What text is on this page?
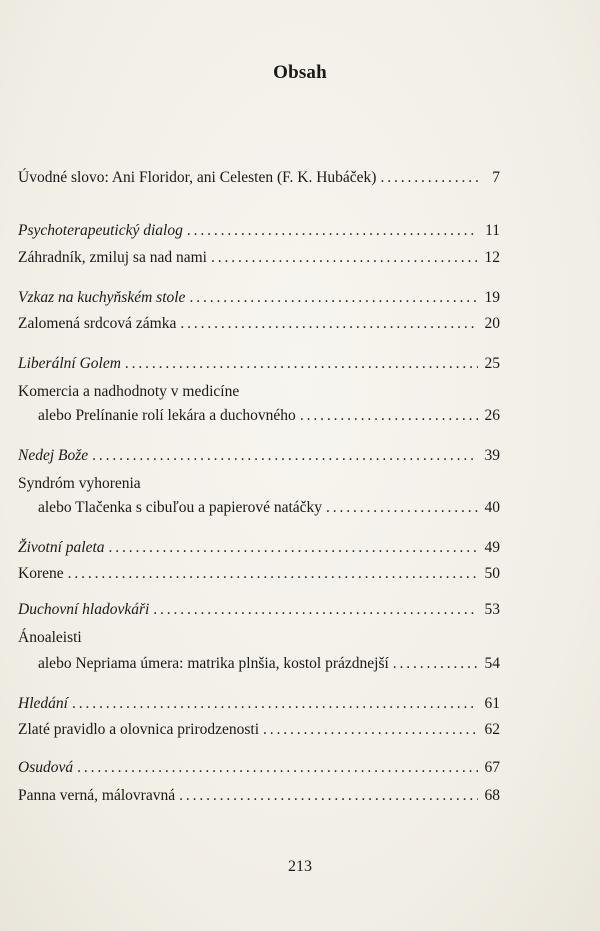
Obsah
Úvodné slovo: Ani Floridor, ani Celesten (F. K. Hubáček) . . .	7
Psychoterapeutický dialog . . .	11
Záhradník, zmiluj sa nad nami . . .	12
Vzkaz na kuchyňském stole . . .	19
Zalomená srdcová zámka . . .	20
Liberální Golem . . .	25
Komercia a nadhodnoty v medicíne
alebo Prelínanie rolí lekára a duchovného . . .	26
Nedej Bože . . .	39
Syndróm vyhorenia
alebo Tlačenka s cibuľou a papierové natáčky . . .	40
Životní paleta . . .	49
Korene . . .	50
Duchovní hladovkáři . . .	53
Ánoaleisti
alebo Nepriama úmera: matrika plnšia, kostol prázdnejší . . .	54
Hledání . . .	61
Zlaté pravidlo a olovnica prirodzenosti . . .	62
Osudová . . .	67
Panna verná, málovravná . . .	68
213
